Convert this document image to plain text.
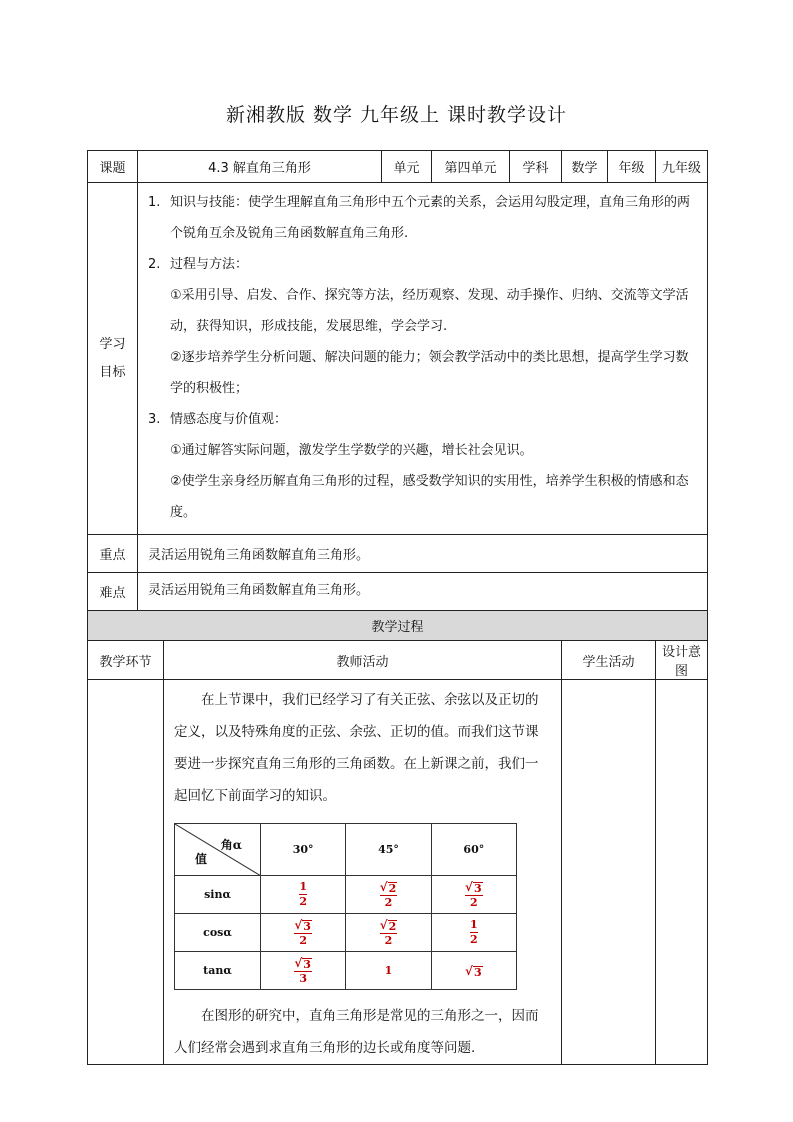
新湘教版 数学 九年级上 课时教学设计
课题	4.3 解直角三角形	单元	第四单元	学科	数学	年级	九年级

学习
目标

1. 知识与技能：使学生理解直角三角形中五个元素的关系，会运用勾股定理，直角三角形的两个锐角互余及锐角三角函数解直角三角形.
2. 过程与方法：
①采用引导、启发、合作、探究等方法，经历观察、发现、动手操作、归纳、交流等文学活动，获得知识，形成技能，发展思维，学会学习.
②逐步培养学生分析问题、解决问题的能力；领会教学活动中的类比思想，提高学生学习数学的积极性；
3. 情感态度与价值观：
①通过解答实际问题，激发学生学数学的兴趣，增长社会见识。
②使学生亲身经历解直角三角形的过程，感受数学知识的实用性，培养学生积极的情感和态度。

重点	灵活运用锐角三角函数解直角三角形。
难点	灵活运用锐角三角函数解直角三角形。
教学过程
教学环节	教师活动	学生活动	设计意图

在上节课中，我们已经学习了有关正弦、余弦以及正切的定义，以及特殊角度的正弦、余弦、正切的值。而我们这节课要进一步探究直角三角形的三角函数。在上新课之前，我们一起回忆下前面学习的知识。

角α
值
	30°	45°	60°
sinα	$\frac{1}{2}$	$\frac{√ 2}{2}$	$\frac{√ 3}{2}$

cosα	$\frac{√ 3}{2}$	$\frac{√ 2}{2}$	$\frac{1}{2}$

tanα	$\frac{√ 3}{3}$	1	√ 3

在图形的研究中，直角三角形是常见的三角形之一，因而人们经常会遇到求直角三角形的边长或角度等问题.
